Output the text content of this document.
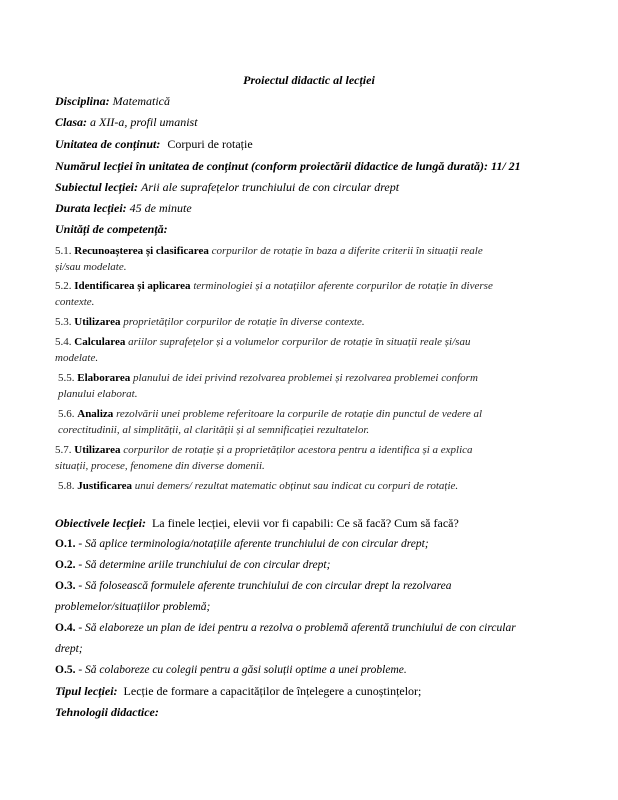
Proiectul didactic al lecției
Disciplina: Matematică
Clasa: a XII-a, profil umanist
Unitatea de conținut: Corpuri de rotație
Numărul lecției în unitatea de conținut (conform proiectării didactice de lungă durată): 11/ 21
Subiectul lecției: Arii ale suprafețelor trunchiului de con circular drept
Durata lecției: 45 de minute
Unități de competență:
5.1. Recunoașterea și clasificarea corpurilor de rotație în baza a diferite criterii în situații reale
și/sau modelate.
5.2. Identificarea și aplicarea terminologiei și a notațiilor aferente corpurilor de rotație în diverse
contexte.
5.3. Utilizarea proprietăților corpurilor de rotație în diverse contexte.
5.4. Calcularea ariilor suprafețelor și a volumelor corpurilor de rotație în situații reale și/sau
modelate.
5.5. Elaborarea planului de idei privind rezolvarea problemei și rezolvarea problemei conform
planului elaborat.
5.6. Analiza rezolvării unei probleme referitoare la corpurile de rotație din punctul de vedere al
corectitudinii, al simplității, al clarității și al semnificației rezultatelor.
5.7. Utilizarea corpurilor de rotație și a proprietăților acestora pentru a identifica și a explica
situații, procese, fenomene din diverse domenii.
5.8. Justificarea unui demers/ rezultat matematic obținut sau indicat cu corpuri de rotație.
Obiectivele lecției: La finele lecției, elevii vor fi capabili: Ce să facă? Cum să facă?
O.1. - Să aplice terminologia/notațiile aferente trunchiului de con circular drept;
O.2. - Să determine ariile trunchiului de con circular drept;
O.3. - Să folosească formulele aferente trunchiului de con circular drept la rezolvarea
problemelor/situațiilor problemă;
O.4. - Să elaboreze un plan de idei pentru a rezolva o problemă aferentă trunchiului de con circular
drept;
O.5. - Să colaboreze cu colegii pentru a găsi soluții optime a unei probleme.
Tipul lecției: Lecție de formare a capacităților de înțelegere a cunoștințelor;
Tehnologii didactice:
